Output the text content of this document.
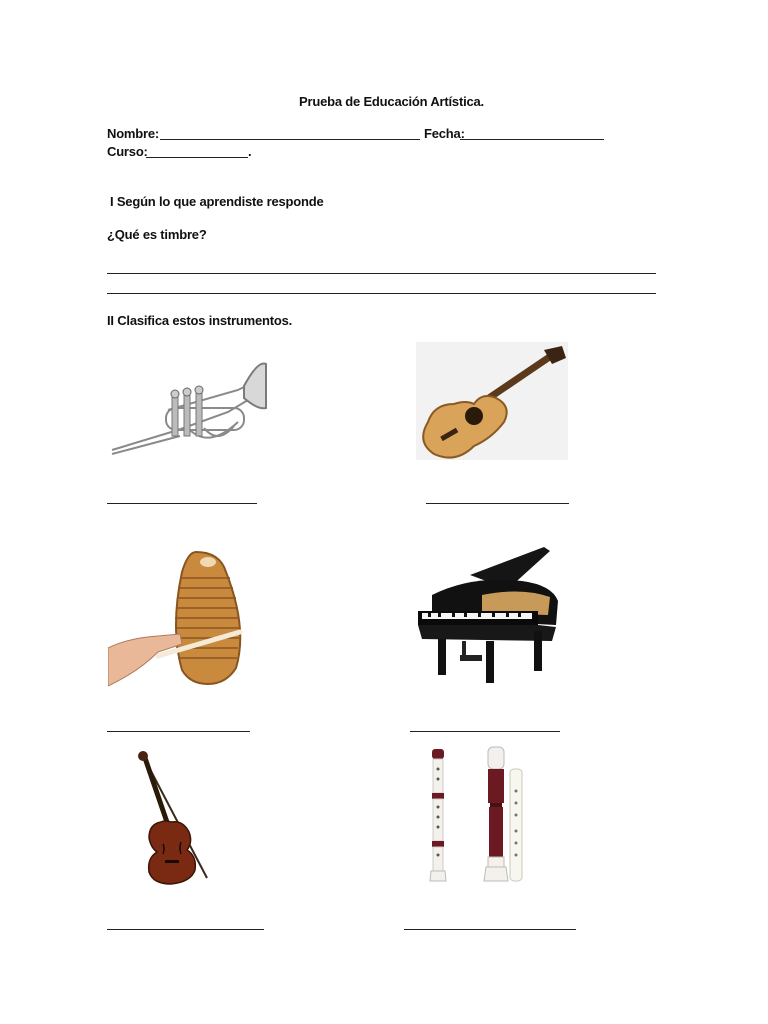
Prueba de Educación Artística.
Nombre:	Fecha:
Curso:	.
I Según lo que aprendiste responde
¿Qué es timbre?
II Clasifica estos instrumentos.
